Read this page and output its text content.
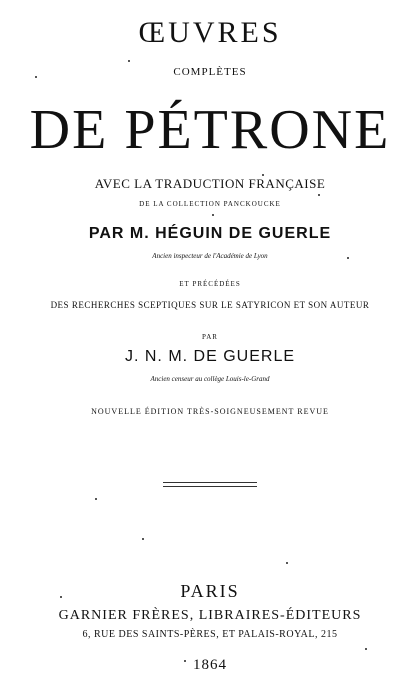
ŒUVRES
COMPLÈTES
DE PÉTRONE
AVEC LA TRADUCTION FRANÇAISE
DE LA COLLECTION PANCKOUCKE
PAR M. HÉGUIN DE GUERLE
Ancien inspecteur de l'Académie de Lyon
ET PRÉCÉDÉES
DES RECHERCHES SCEPTIQUES SUR LE SATYRICON ET SON AUTEUR
PAR
J. N. M. DE GUERLE
Ancien censeur au collège Louis-le-Grand
NOUVELLE ÉDITION TRÈS-SOIGNEUSEMENT REVUE
PARIS
GARNIER FRÈRES, LIBRAIRES-ÉDITEURS
6, RUE DES SAINTS-PÈRES, ET PALAIS-ROYAL, 215
1864
